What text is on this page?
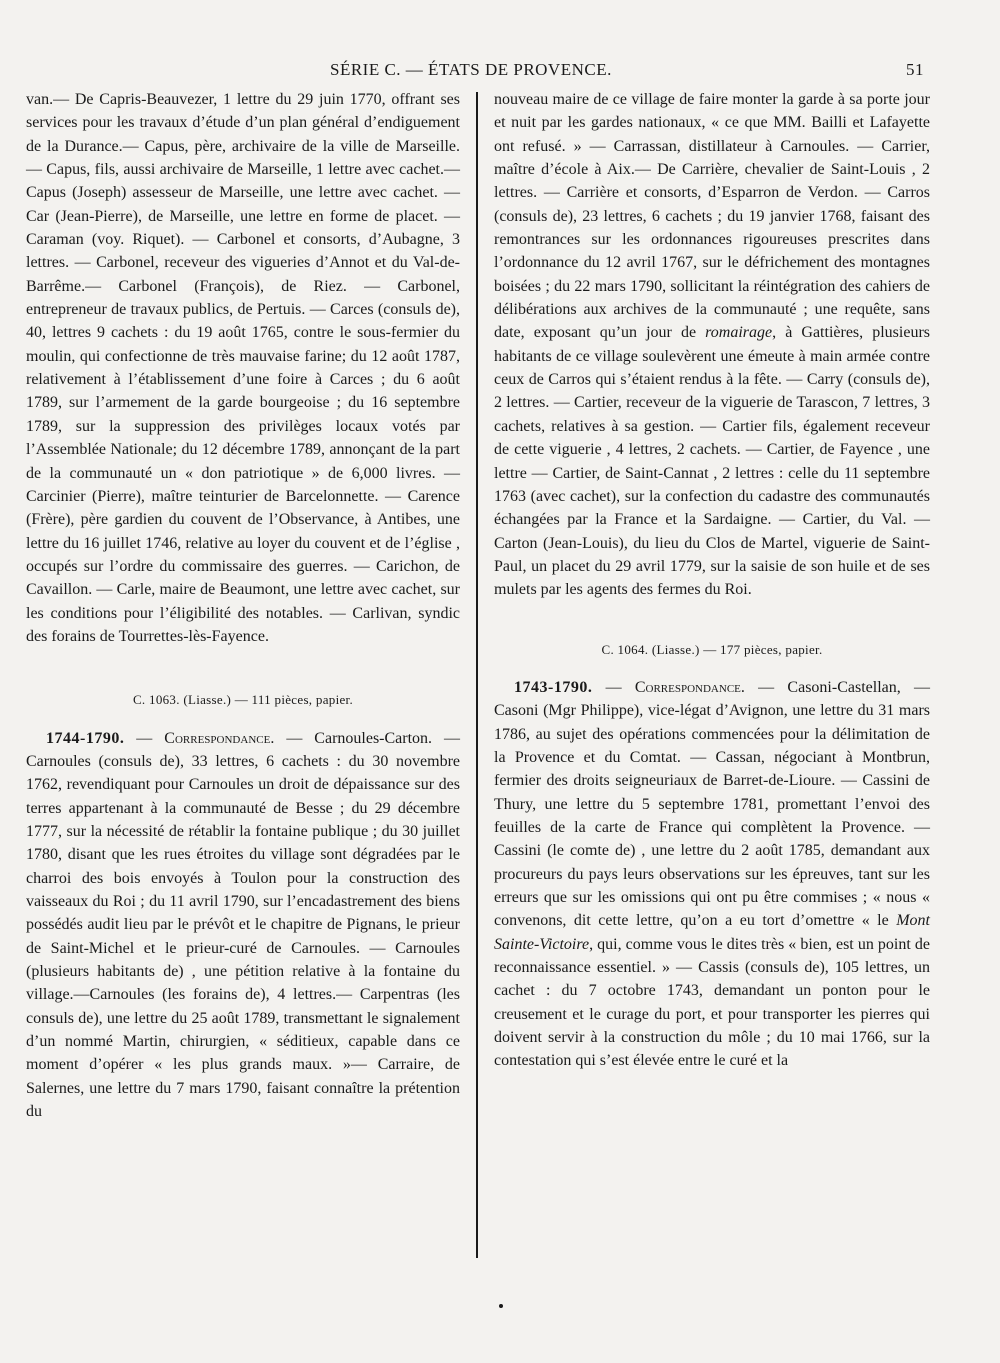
SÉRIE C. — ÉTATS DE PROVENCE.	51

van.— De Capris-Beauvezer, 1 lettre du 29 juin 1770, offrant ses services pour les travaux d’étude d’un plan général d’endiguement de la Durance.— Capus, père, archivaire de la ville de Marseille. — Capus, fils, aussi archivaire de Marseille, 1 lettre avec cachet.— Capus (Joseph) assesseur de Marseille, une lettre avec cachet. — Car (Jean-Pierre), de Marseille, une lettre en forme de placet. — Caraman (voy. Riquet). — Carbonel et consorts, d’Aubagne, 3 lettres. — Carbonel, receveur des vigueries d’Annot et du Val-de-Barrême.— Carbonel (François), de Riez. — Carbonel, entrepreneur de travaux publics, de Pertuis. — Carces (consuls de), 40, lettres 9 cachets : du 19 août 1765, contre le sous-fermier du moulin, qui confectionne de très mauvaise farine; du 12 août 1787, relativement à l’établissement d’une foire à Carces ; du 6 août 1789, sur l’armement de la garde bourgeoise ; du 16 septembre 1789, sur la suppression des privilèges locaux votés par l’Assemblée Nationale; du 12 décembre 1789, annonçant de la part de la communauté un « don patriotique » de 6,000 livres. — Carcinier (Pierre), maître teinturier de Barcelonnette. — Carence (Frère), père gardien du couvent de l’Observance, à Antibes, une lettre du 16 juillet 1746, relative au loyer du couvent et de l’église , occupés sur l’ordre du commissaire des guerres. — Carichon, de Cavaillon. — Carle, maire de Beaumont, une lettre avec cachet, sur les conditions pour l’éligibilité des notables. — Carlivan, syndic des forains de Tourrettes-lès-Fayence.

C. 1063. (Liasse.) — 111 pièces, papier.

1744-1790. — Correspondance. — Carnoules-Carton. — Carnoules (consuls de), 33 lettres, 6 cachets : du 30 novembre 1762, revendiquant pour Carnoules un droit de dépaissance sur des terres appartenant à la communauté de Besse ; du 29 décembre 1777, sur la nécessité de rétablir la fontaine publique ; du 30 juillet 1780, disant que les rues étroites du village sont dégradées par le charroi des bois envoyés à Toulon pour la construction des vaisseaux du Roi ; du 11 avril 1790, sur l’encadastrement des biens possédés audit lieu par le prévôt et le chapitre de Pignans, le prieur de Saint-Michel et le prieur-curé de Carnoules. — Carnoules (plusieurs habitants de) , une pétition relative à la fontaine du village.—Carnoules (les forains de), 4 lettres.— Carpentras (les consuls de), une lettre du 25 août 1789, transmettant le signalement d’un nommé Martin, chirurgien, « séditieux, capable dans ce moment d’opérer « les plus grands maux. »— Carraire, de Salernes, une lettre du 7 mars 1790, faisant connaître la prétention du

nouveau maire de ce village de faire monter la garde à sa porte jour et nuit par les gardes nationaux, « ce que MM. Bailli et Lafayette ont refusé. » — Carrassan, distillateur à Carnoules. — Carrier, maître d’école à Aix.— De Carrière, chevalier de Saint-Louis , 2 lettres. — Carrière et consorts, d’Esparron de Verdon. — Carros (consuls de), 23 lettres, 6 cachets ; du 19 janvier 1768, faisant des remontrances sur les ordonnances rigoureuses prescrites dans l’ordonnance du 12 avril 1767, sur le défrichement des montagnes boisées ; du 22 mars 1790, sollicitant la réintégration des cahiers de délibérations aux archives de la communauté ; une requête, sans date, exposant qu’un jour de romairage, à Gattières, plusieurs habitants de ce village soulevèrent une émeute à main armée contre ceux de Carros qui s’étaient rendus à la fête. — Carry (consuls de), 2 lettres. — Cartier, receveur de la viguerie de Tarascon, 7 lettres, 3 cachets, relatives à sa gestion. — Cartier fils, également receveur de cette viguerie , 4 lettres, 2 cachets. — Cartier, de Fayence , une lettre — Cartier, de Saint-Cannat , 2 lettres : celle du 11 septembre 1763 (avec cachet), sur la confection du cadastre des communautés échangées par la France et la Sardaigne. — Cartier, du Val. — Carton (Jean-Louis), du lieu du Clos de Martel, viguerie de Saint-Paul, un placet du 29 avril 1779, sur la saisie de son huile et de ses mulets par les agents des fermes du Roi.

C. 1064. (Liasse.) — 177 pièces, papier.

1743-1790. — Correspondance. — Casoni-Castellan, — Casoni (Mgr Philippe), vice-légat d’Avignon, une lettre du 31 mars 1786, au sujet des opérations commencées pour la délimitation de la Provence et du Comtat. — Cassan, négociant à Montbrun, fermier des droits seigneuriaux de Barret-de-Lioure. — Cassini de Thury, une lettre du 5 septembre 1781, promettant l’envoi des feuilles de la carte de France qui complètent la Provence. — Cassini (le comte de) , une lettre du 2 août 1785, demandant aux procureurs du pays leurs observations sur les épreuves, tant sur les erreurs que sur les omissions qui ont pu être commises ; « nous « convenons, dit cette lettre, qu’on a eu tort d’omettre « le Mont Sainte-Victoire, qui, comme vous le dites très « bien, est un point de reconnaissance essentiel. » — Cassis (consuls de), 105 lettres, un cachet : du 7 octobre 1743, demandant un ponton pour le creusement et le curage du port, et pour transporter les pierres qui doivent servir à la construction du môle ; du 10 mai 1766, sur la contestation qui s’est élevée entre le curé et la
